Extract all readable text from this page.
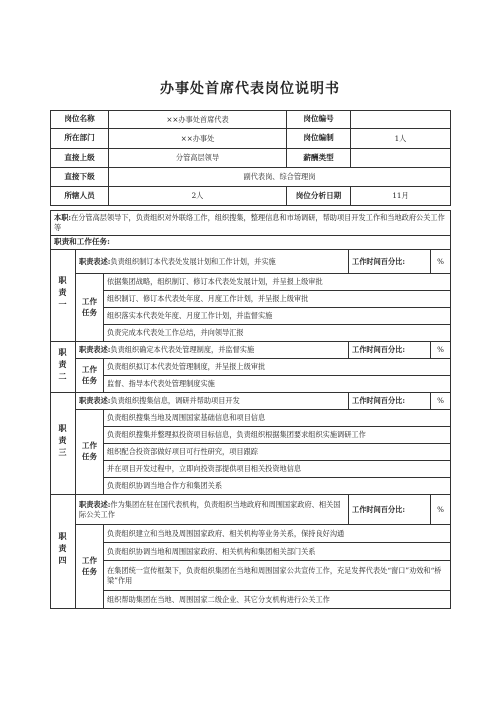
办事处首席代表岗位说明书
岗位名称	××办事处首席代表	岗位编号	
所在部门	××办事处	岗位编制	1人
直接上级	分管高层领导	薪酬类型	
直接下级	副代表岗、综合管理岗		
所辖人员	2人	岗位分析日期	11月
本职:在分管高层领导下，负责组织对外联络工作，组织搜集，整理信息和市场调研，帮助项目开发工作和当地政府公关工作等				
职责和工作任务:				
职责一	职责表述:负责组织制订本代表处发展计划和工作计划，并实施		工作时间百分比:	%
	工作任务	依据集团战略，组织制订、修订本代表处发展计划，并呈报上级审批		
		组织制订、修订本代表处年度、月度工作计划，并呈报上级审批		
		组织落实本代表处年度、月度工作计划，并监督实施		
		负责完成本代表处工作总结，并向领导汇报		
职责二	职责表述:负责组织确定本代表处管理制度，并监督实施		工作时间百分比:	%
	工作任务	负责组织拟订本代表处管理制度，并呈报上级审批		
		监督、指导本代表处管理制度实施		
职责三	职责表述:负责组织搜集信息，调研并帮助项目开发		工作时间百分比:	%
	工作任务	负责组织搜集当地及周围国家基础信息和项目信息		
		负责组织搜集并整理拟投资项目标信息，负责组织根据集团要求组织实施调研工作		
		组织配合投资部做好项目可行性研究，项目跟踪		
		并在项目开发过程中，立即向投资部提供项目相关投资地信息		
		负责组织协调当地合作方和集团关系		
职责四	职责表述:作为集团在驻在国代表机构，负责组织当地政府和周围国家政府、相关国际公关工作		工作时间百分比:	%
	工作任务	负责组织建立和当地及周围国家政府、相关机构等业务关系，保持良好沟通		
		负责组织协调当地和周围国家政府、相关机构和集团相关部门关系		
		在集团统一宣传框架下，负责组织集团在当地和周围国家公共宣传工作，充足发挥代表处“窗口”劝效和“桥梁”作用		
		组织帮助集团在当地、周围国家二级企业、其它分支机构进行公关工作		
